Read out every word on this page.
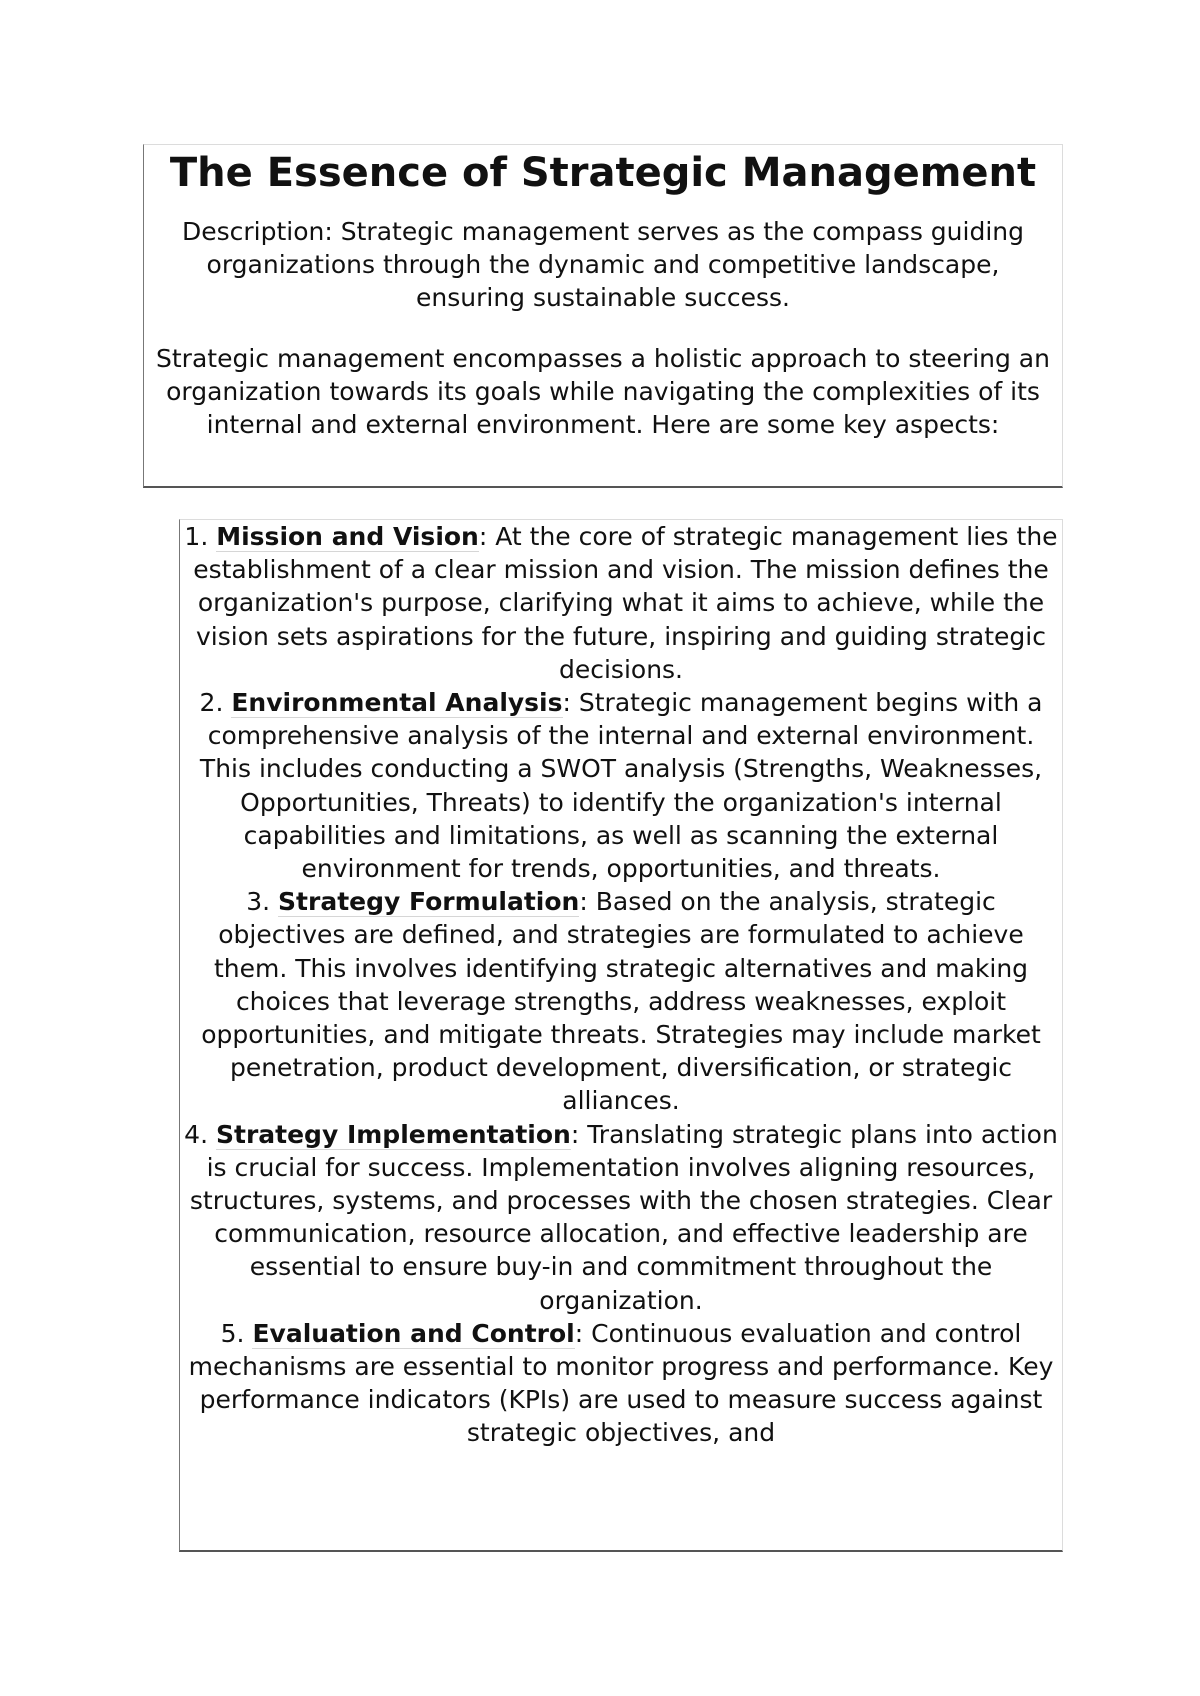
The Essence of Strategic Management

Description: Strategic management serves as the compass guiding organizations through the dynamic and competitive landscape, ensuring sustainable success.

Strategic management encompasses a holistic approach to steering an organization towards its goals while navigating the complexities of its internal and external environment. Here are some key aspects:

1. Mission and Vision: At the core of strategic management lies the establishment of a clear mission and vision. The mission defines the organization's purpose, clarifying what it aims to achieve, while the vision sets aspirations for the future, inspiring and guiding strategic decisions.
2. Environmental Analysis: Strategic management begins with a comprehensive analysis of the internal and external environment. This includes conducting a SWOT analysis (Strengths, Weaknesses, Opportunities, Threats) to identify the organization's internal capabilities and limitations, as well as scanning the external environment for trends, opportunities, and threats.
3. Strategy Formulation: Based on the analysis, strategic objectives are defined, and strategies are formulated to achieve them. This involves identifying strategic alternatives and making choices that leverage strengths, address weaknesses, exploit opportunities, and mitigate threats. Strategies may include market penetration, product development, diversification, or strategic alliances.
4. Strategy Implementation: Translating strategic plans into action is crucial for success. Implementation involves aligning resources, structures, systems, and processes with the chosen strategies. Clear communication, resource allocation, and effective leadership are essential to ensure buy-in and commitment throughout the organization.
5. Evaluation and Control: Continuous evaluation and control mechanisms are essential to monitor progress and performance. Key performance indicators (KPIs) are used to measure success against strategic objectives, and
